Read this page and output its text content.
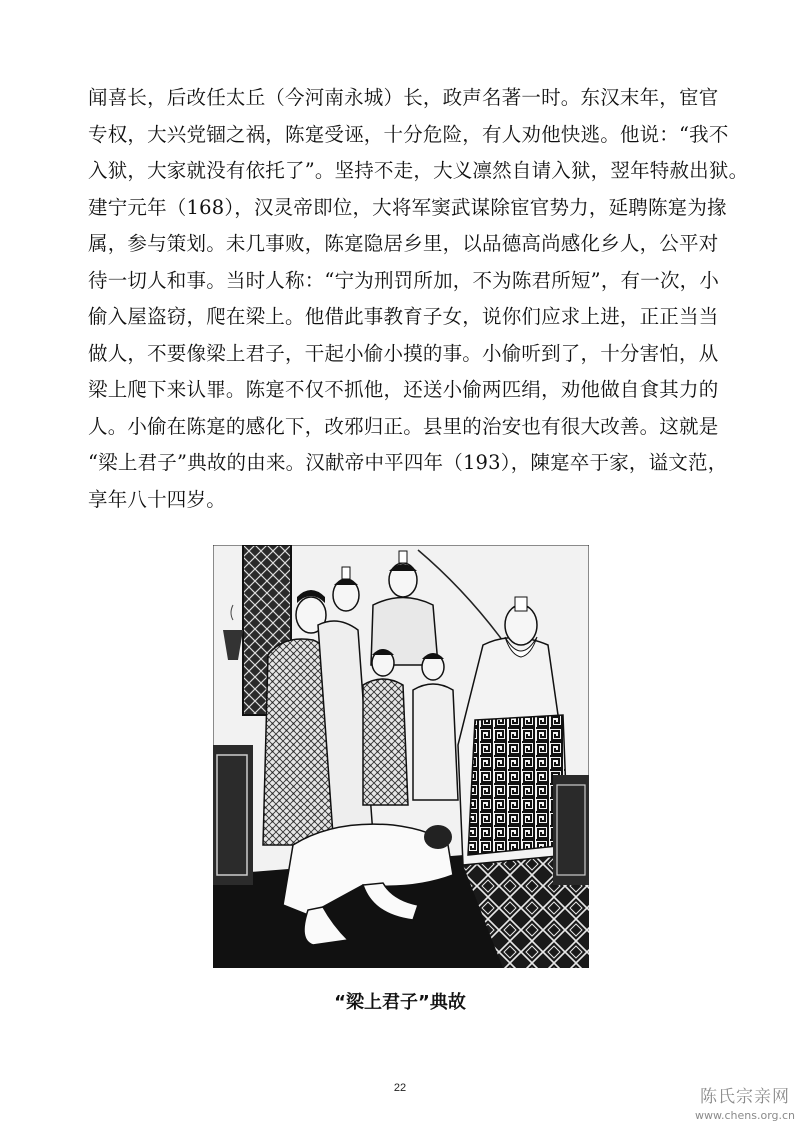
闻喜长，后改任太丘（今河南永城）长，政声名著一时。东汉末年，宦官
专权，大兴党锢之祸，陈寔受诬，十分危险，有人劝他快逃。他说：“我不
入狱，大家就没有依托了”。坚持不走，大义凛然自请入狱，翌年特赦出狱。
建宁元年（168），汉灵帝即位，大将军窦武谋除宦官势力，延聘陈寔为掾
属，参与策划。未几事败，陈寔隐居乡里，以品德高尚感化乡人，公平对
待一切人和事。当时人称：“宁为刑罚所加，不为陈君所短”，有一次，小
偷入屋盗窃，爬在梁上。他借此事教育子女，说你们应求上进，正正当当
做人，不要像梁上君子，干起小偷小摸的事。小偷听到了，十分害怕，从
梁上爬下来认罪。陈寔不仅不抓他，还送小偷两匹绢，劝他做自食其力的
人。小偷在陈寔的感化下，改邪归正。县里的治安也有很大改善。这就是
“梁上君子”典故的由来。汉献帝中平四年（193），陳寔卒于家，谥文范，
享年八十四岁。
“梁上君子”典故
22	陈氏宗亲网
www.chens.org.cn
